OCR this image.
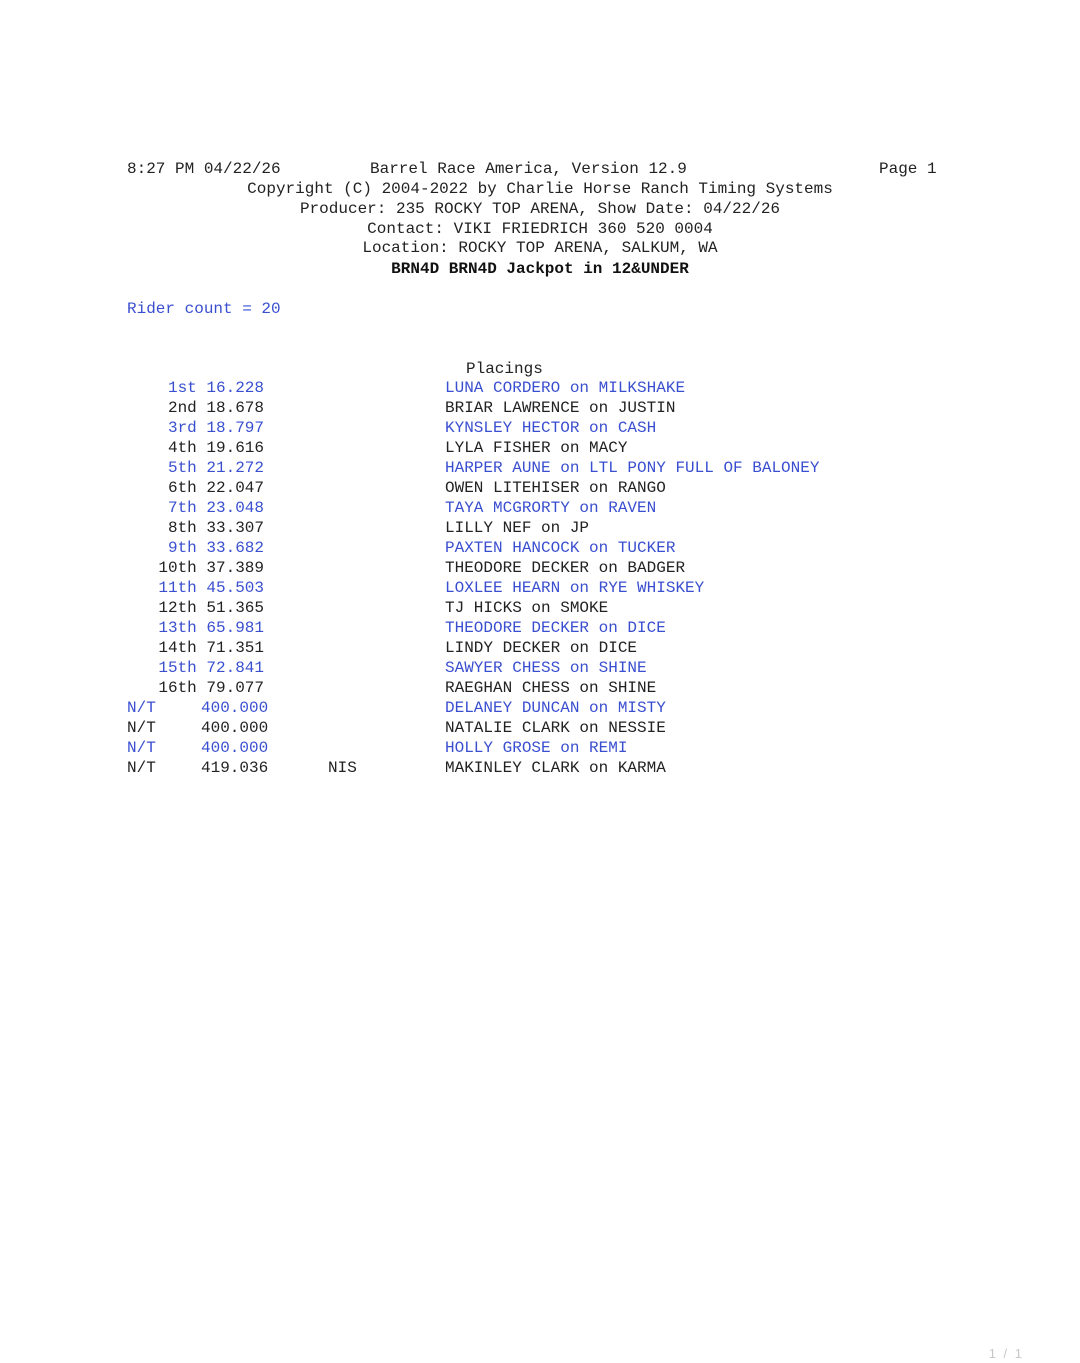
8:27 PM 04/22/26	Barrel Race America, Version 12.9	Page 1
Copyright (C) 2004-2022 by Charlie Horse Ranch Timing Systems
Producer: 235 ROCKY TOP ARENA, Show Date: 04/22/26
Contact: VIKI FRIEDRICH 360 520 0004
Location: ROCKY TOP ARENA, SALKUM, WA
BRN4D BRN4D Jackpot in 12&UNDER
Rider count = 20
Placings
1st 16.228	LUNA CORDERO on MILKSHAKE
2nd 18.678	BRIAR LAWRENCE on JUSTIN
3rd 18.797	KYNSLEY HECTOR on CASH
4th 19.616	LYLA FISHER on MACY
5th 21.272	HARPER AUNE on LTL PONY FULL OF BALONEY
6th 22.047	OWEN LITEHISER on RANGO
7th 23.048	TAYA MCGRORTY on RAVEN
8th 33.307	LILLY NEF on JP
9th 33.682	PAXTEN HANCOCK on TUCKER
10th 37.389	THEODORE DECKER on BADGER
11th 45.503	LOXLEE HEARN on RYE WHISKEY
12th 51.365	TJ HICKS on SMOKE
13th 65.981	THEODORE DECKER on DICE
14th 71.351	LINDY DECKER on DICE
15th 72.841	SAWYER CHESS on SHINE
16th 79.077	RAEGHAN CHESS on SHINE
N/T	400.000	DELANEY DUNCAN on MISTY
N/T	400.000	NATALIE CLARK on NESSIE
N/T	400.000	HOLLY GROSE on REMI
N/T	419.036	NIS	MAKINLEY CLARK on KARMA
1 / 1
